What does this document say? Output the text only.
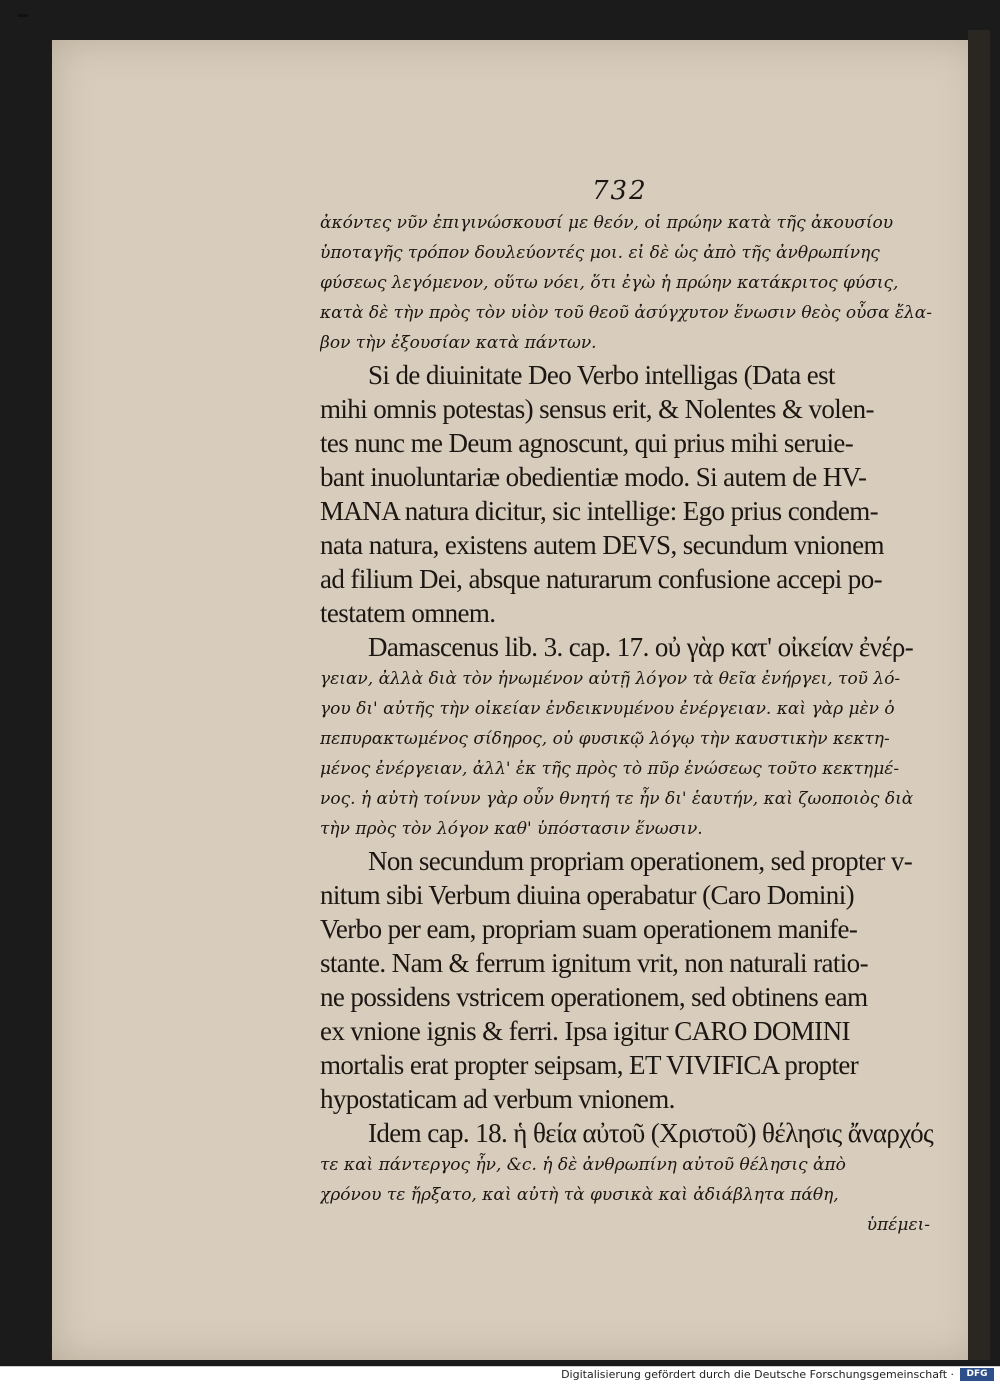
732
ἀκόντες νῦν ἐπιγινώσκουσί με θεόν, οἱ πρώην κατὰ τῆς ἀκουσίου
ὑποταγῆς τρόπον δουλεύοντές μοι. εἰ δὲ ὡς ἀπὸ τῆς ἀνθρωπίνης
φύσεως λεγόμενον, οὕτω νόει, ὅτι ἐγὼ ἡ πρώην κατάκριτος φύσις,
κατὰ δὲ τὴν πρὸς τὸν υἱὸν τοῦ θεοῦ ἀσύγχυτον ἕνωσιν θεὸς οὖσα ἔλα-
βον τὴν ἐξουσίαν κατὰ πάντων.
Si de diuinitate Deo Verbo intelligas (Data est
mihi omnis potestas) sensus erit, & Nolentes & volen-
tes nunc me Deum agnoscunt, qui prius mihi seruie-
bant inuoluntariæ obedientiæ modo. Si autem de HV-
MANA natura dicitur, sic intellige: Ego prius condem-
nata natura, existens autem DEVS, secundum vnionem
ad filium Dei, absque naturarum confusione accepi po-
testatem omnem.
Damascenus lib. 3. cap. 17. οὐ γὰρ κατ' οἰκείαν ἐνέρ-
γειαν, ἀλλὰ διὰ τὸν ἡνωμένον αὐτῇ λόγον τὰ θεῖα ἐνήργει, τοῦ λό-
γου δι' αὐτῆς τὴν οἰκείαν ἐνδεικνυμένου ἐνέργειαν. καὶ γὰρ μὲν ὁ
πεπυρακτωμένος σίδηρος, οὐ φυσικῷ λόγῳ τὴν καυστικὴν κεκτη-
μένος ἐνέργειαν, ἀλλ' ἐκ τῆς πρὸς τὸ πῦρ ἑνώσεως τοῦτο κεκτημέ-
νος. ἡ αὐτὴ τοίνυν γὰρ οὖν θνητή τε ἦν δι' ἑαυτήν, καὶ ζωοποιὸς διὰ
τὴν πρὸς τὸν λόγον καθ' ὑπόστασιν ἕνωσιν.
Non secundum propriam operationem, sed propter v-
nitum sibi Verbum diuina operabatur (Caro Domini)
Verbo per eam, propriam suam operationem manife-
stante. Nam & ferrum ignitum vrit, non naturali ratio-
ne possidens vstricem operationem, sed obtinens eam
ex vnione ignis & ferri. Ipsa igitur CARO DOMINI
mortalis erat propter seipsam, ET VIVIFICA propter
hypostaticam ad verbum vnionem.
Idem cap. 18. ἡ θεία αὐτοῦ (Χριστοῦ) θέλησις ἄναρχός
τε καὶ πάντεργος ἦν, &c. ἡ δὲ ἀνθρωπίνη αὐτοῦ θέλησις ἀπὸ
χρόνου τε ἤρξατο, καὶ αὐτὴ τὰ φυσικὰ καὶ ἀδιάβλητα πάθη,
ὑπέμει-
Digitalisierung gefördert durch die Deutsche Forschungsgemeinschaft ·	DFG
